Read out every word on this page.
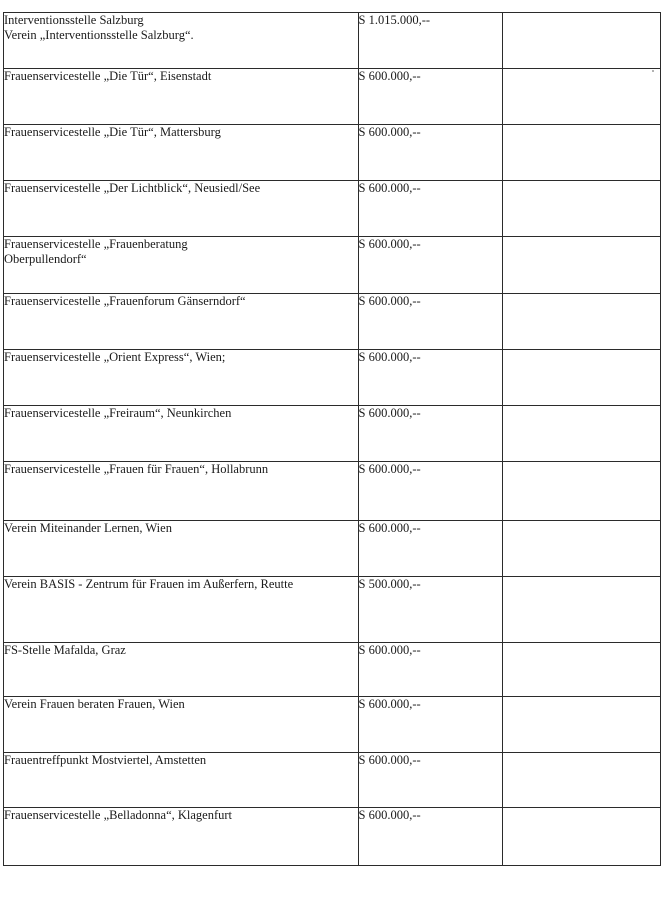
Interventionsstelle Salzburg
Verein „Interventionsstelle Salzburg“.	S 1.015.000,--	

Frauenservicestelle „Die Tür“, Eisenstadt	S 600.000,--	

Frauenservicestelle „Die Tür“, Mattersburg	S 600.000,--	

Frauenservicestelle „Der Lichtblick“, Neusiedl/See	S 600.000,--	

Frauenservicestelle „Frauenberatung Oberpullendorf“	S 600.000,--	

Frauenservicestelle „Frauenforum Gänserndorf“	S 600.000,--	

Frauenservicestelle „Orient Express“, Wien;	S 600.000,--	

Frauenservicestelle „Freiraum“, Neunkirchen	S 600.000,--	

Frauenservicestelle „Frauen für Frauen“, Hollabrunn	S 600.000,--	

Verein Miteinander Lernen, Wien	S 600.000,--	

Verein BASIS - Zentrum für Frauen im Außerfern, Reutte	S 500.000,--	

FS-Stelle Mafalda, Graz	S 600.000,--	

Verein Frauen beraten Frauen, Wien	S 600.000,--	

Frauentreffpunkt Mostviertel, Amstetten	S 600.000,--	

Frauenservicestelle „Belladonna“, Klagenfurt	S 600.000,--	
